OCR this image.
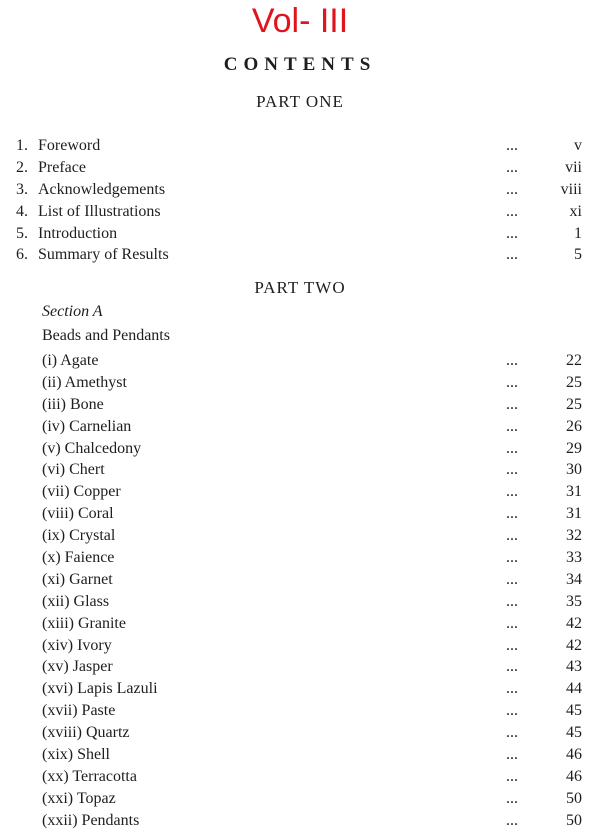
Vol- III
CONTENTS
PART ONE
1. Foreword	...	v
2. Preface	...	vii
3. Acknowledgements	...	viii
4. List of Illustrations	...	xi
5. Introduction	...	1
6. Summary of Results	...	5
PART TWO
Section A
Beads and Pendants
(i) Agate	...	22
(ii) Amethyst	...	25
(iii) Bone	...	25
(iv) Carnelian	...	26
(v) Chalcedony	...	29
(vi) Chert	...	30
(vii) Copper	...	31
(viii) Coral	...	31
(ix) Crystal	...	32
(x) Faience	...	33
(xi) Garnet	...	34
(xii) Glass	...	35
(xiii) Granite	...	42
(xiv) Ivory	...	42
(xv) Jasper	...	43
(xvi) Lapis Lazuli	...	44
(xvii) Paste	...	45
(xviii) Quartz	...	45
(xix) Shell	...	46
(xx) Terracotta	...	46
(xxi) Topaz	...	50
(xxii) Pendants	...	50
